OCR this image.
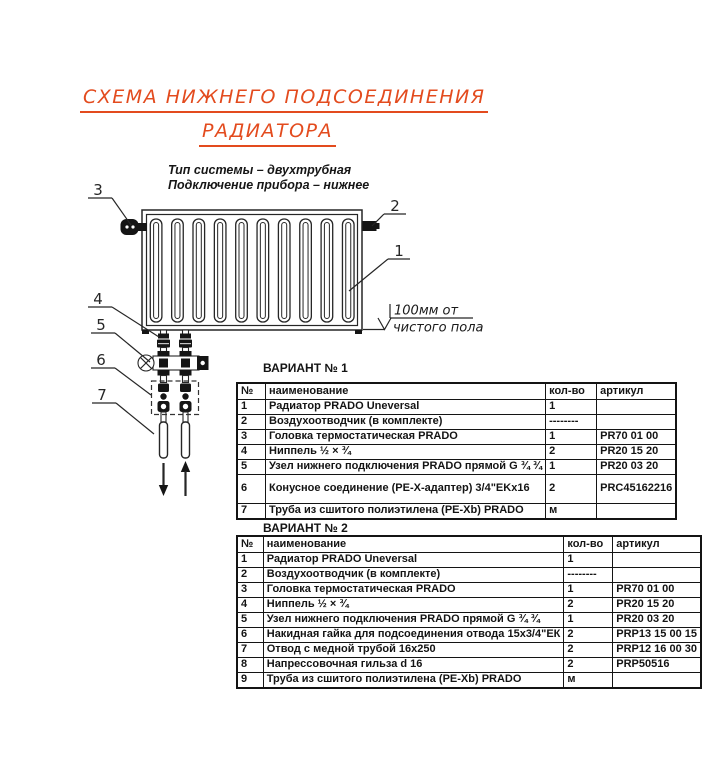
СХЕМА НИЖНЕГО ПОДСОЕДИНЕНИЯ
РАДИАТОРА
Тип системы – двухтрубная
Подключение прибора – нижнее
3
2
1
4
5
6
7
100мм от
чистого пола
ВАРИАНТ № 1
№	наименование	кол-во	артикул
1	Радиатор PRADO Uneversal	1	
2	Воздухоотводчик (в комплекте)	--------	
3	Головка термостатическая PRADO	1	PR70 01 00
4	Ниппель ½ × ¾	2	PR20 15 20
5	Узел нижнего подключения PRADO прямой G ¾ ¾	1	PR20 03 20
6	Конусное соединение (PE-X-адаптер) 3/4"EKx16	2	PRC45162216
7	Труба из сшитого полиэтилена (PE-Xb) PRADO	м	
ВАРИАНТ № 2
№	наименование	кол-во	артикул
1	Радиатор PRADO Uneversal	1	
2	Воздухоотводчик (в комплекте)	--------	
3	Головка термостатическая PRADO	1	PR70 01 00
4	Ниппель ½ × ¾	2	PR20 15 20
5	Узел нижнего подключения PRADO прямой G ¾ ¾	1	PR20 03 20
6	Накидная гайка для подсоединения отвода 15x3/4"ЕК	2	PRP13 15 00 15
7	Отвод с медной трубой 16x250	2	PRP12 16 00 30
8	Напрессовочная гильза d 16	2	PRP50516
9	Труба из сшитого полиэтилена (PE-Xb) PRADO	м	
